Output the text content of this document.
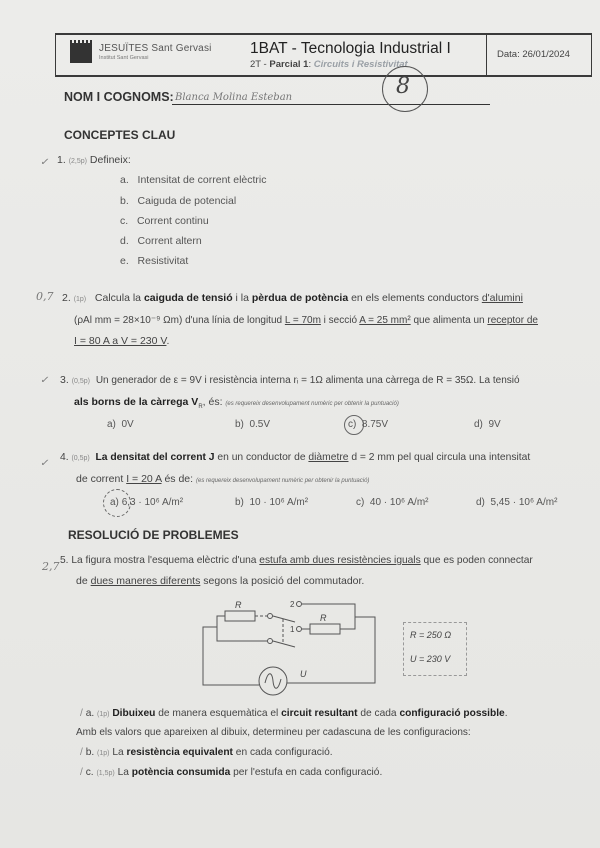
JESUÏTES Sant Gervasi
Institut Sant Gervasi
1BAT - Tecnologia Industrial I
2T - Parcial 1: Circuits i Resistivitat
Data: 26/01/2024
NOM I COGNOMS: Blanca Molina Esteban	8
CONCEPTES CLAU
✓ 1. (2,5p) Defineix:
a. Intensitat de corrent elèctric
b. Caiguda de potencial
c. Corrent continu
d. Corrent altern
e. Resistivitat
0,7 2. (1p) Calcula la caiguda de tensió i la pèrdua de potència en els elements conductors d'alumini
(ρAl mm = 28×10⁻⁹ Ωm) d'una línia de longitud L = 70m i secció A = 25 mm² que alimenta un receptor de
I = 80 A a V = 230 V.
✓ 3. (0,5p) Un generador de ε = 9V i resistència interna rᵢ = 1Ω alimenta una càrrega de R = 35Ω. La tensió
als borns de la càrrega $V_R$, és: (es requereix desenvolupament numèric per obtenir la puntuació)
a) 0V	b) 0.5V	c) 8.75V	d) 9V
✓
4. (0,5p) La densitat del corrent J en un conductor de diàmetre d = 2 mm pel qual circula una intensitat
de corrent I = 20 A és de: (es requereix desenvolupament numèric per obtenir la puntuació)
a) 6,3 · 10⁶ A/m²	b) 10 · 10⁶ A/m²	c) 40 · 10⁶ A/m²	d) 5,45 · 10⁶ A/m²
RESOLUCIÓ DE PROBLEMES
2,7 5. La figura mostra l'esquema elèctric d'una estufa amb dues resistències iguals que es poden connectar
de dues maneres diferents segons la posició del commutador.
R
R
2
1
U
R = 250 Ω
U = 230 V
/ a. (1p) Dibuixeu de manera esquemàtica el circuit resultant de cada configuració possible.
Amb els valors que apareixen al dibuix, determineu per cadascuna de les configuracions:
/ b. (1p) La resistència equivalent en cada configuració.
/ c. (1,5p) La potència consumida per l'estufa en cada configuració.
